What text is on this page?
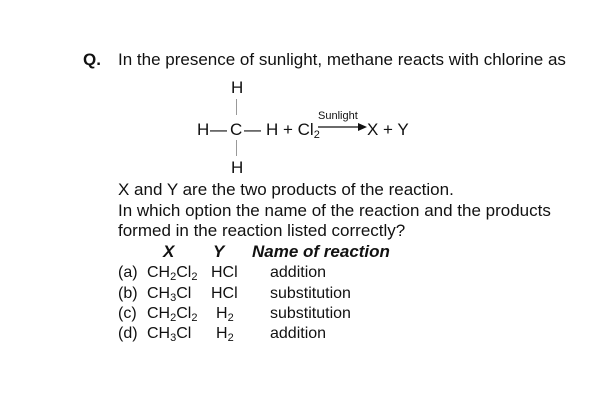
Q. In the presence of sunlight, methane reacts with chlorine as
H
H — C — $H + Cl_2$
Sunlight
→ X + Y
H
X and Y are the two products of the reaction.
In which option the name of the reaction and the products
formed in the reaction listed correctly?
X Y Name of reaction
(a) $CH_2Cl_2$ HCl addition
(b) $CH_3Cl$ HCl substitution
(c) $CH_2Cl_2$ $H_2$ substitution
(d) $CH_3Cl$ $H_2$ addition
